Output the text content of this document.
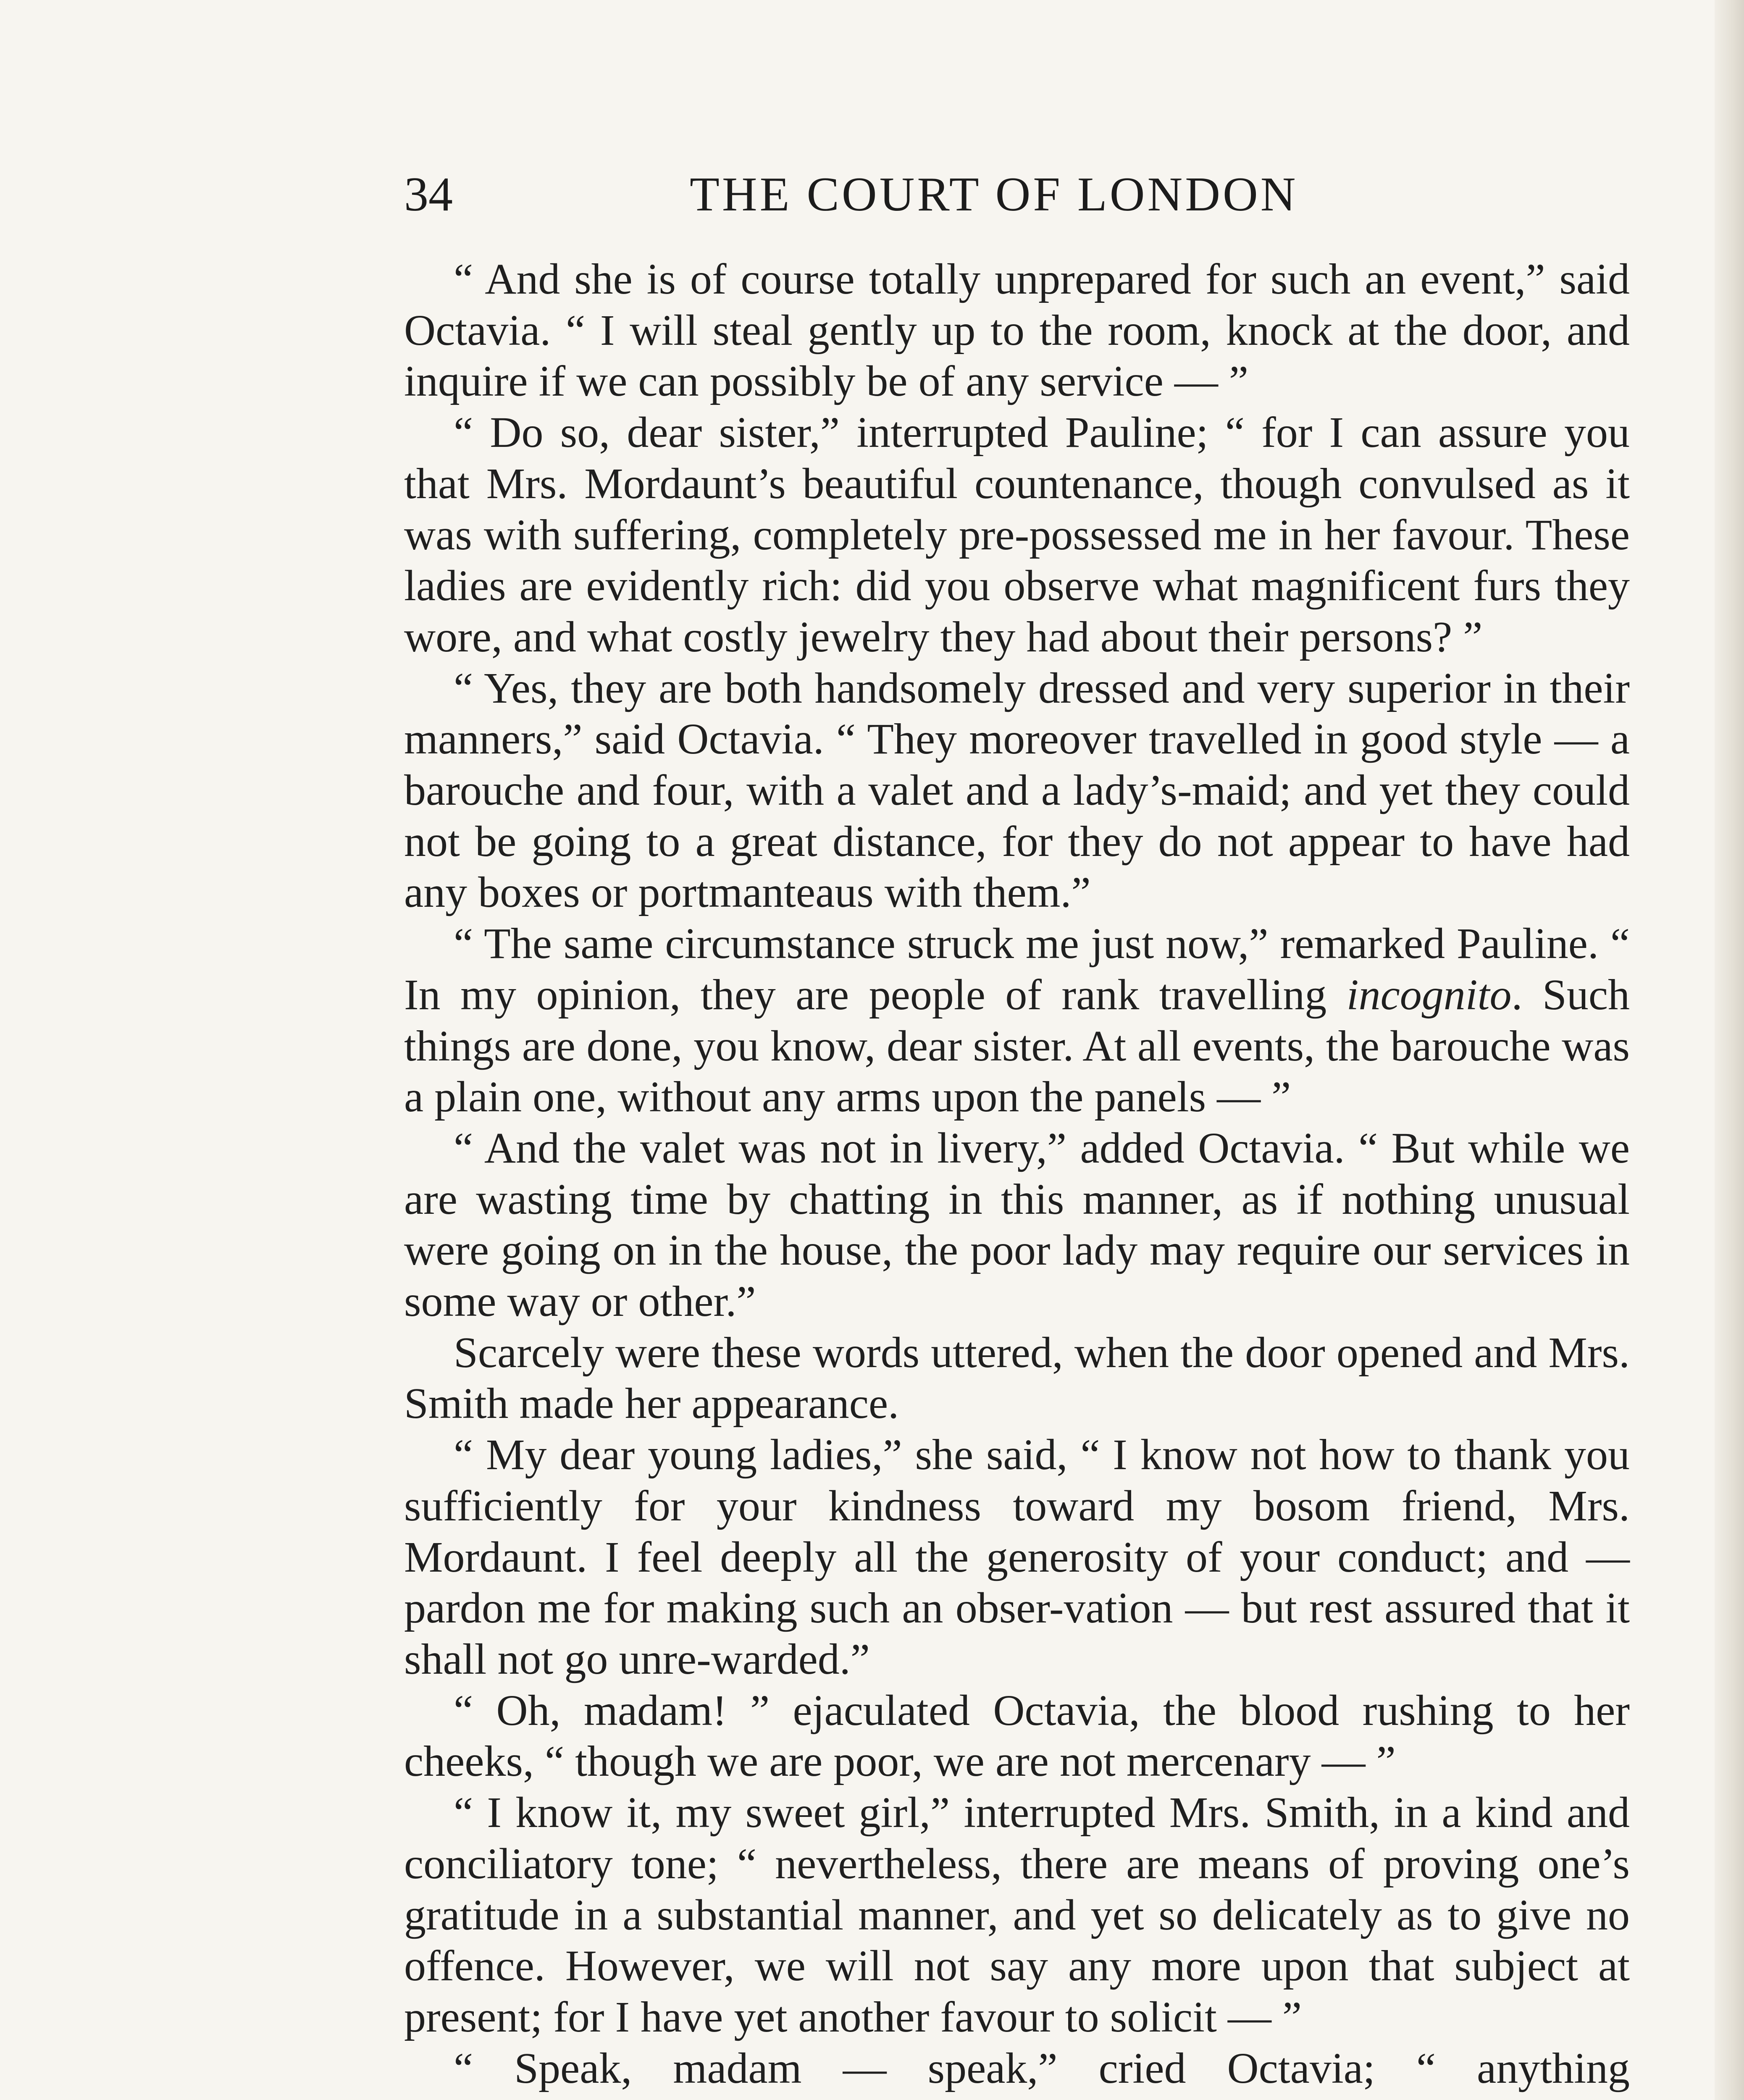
34	THE COURT OF LONDON

“ And she is of course totally unprepared for such an event,” said Octavia. “ I will steal gently up to the room, knock at the door, and inquire if we can possibly be of any service — ”

“ Do so, dear sister,” interrupted Pauline; “ for I can assure you that Mrs. Mordaunt’s beautiful countenance, though convulsed as it was with suffering, completely pre-possessed me in her favour. These ladies are evidently rich: did you observe what magnificent furs they wore, and what costly jewelry they had about their persons? ”

“ Yes, they are both handsomely dressed and very superior in their manners,” said Octavia. “ They moreover travelled in good style — a barouche and four, with a valet and a lady’s-maid; and yet they could not be going to a great distance, for they do not appear to have had any boxes or portmanteaus with them.”

“ The same circumstance struck me just now,” remarked Pauline. “ In my opinion, they are people of rank travelling incognito. Such things are done, you know, dear sister. At all events, the barouche was a plain one, without any arms upon the panels — ”

“ And the valet was not in livery,” added Octavia. “ But while we are wasting time by chatting in this manner, as if nothing unusual were going on in the house, the poor lady may require our services in some way or other.”

Scarcely were these words uttered, when the door opened and Mrs. Smith made her appearance.

“ My dear young ladies,” she said, “ I know not how to thank you sufficiently for your kindness toward my bosom friend, Mrs. Mordaunt. I feel deeply all the generosity of your conduct; and — pardon me for making such an obser-vation — but rest assured that it shall not go unre-warded.”

“ Oh, madam! ” ejaculated Octavia, the blood rushing to her cheeks, “ though we are poor, we are not mercenary — ”

“ I know it, my sweet girl,” interrupted Mrs. Smith, in a kind and conciliatory tone; “ nevertheless, there are means of proving one’s gratitude in a substantial manner, and yet so delicately as to give no offence. However, we will not say any more upon that subject at present; for I have yet another favour to solicit — ”

“ Speak, madam — speak,” cried Octavia; “ anything
